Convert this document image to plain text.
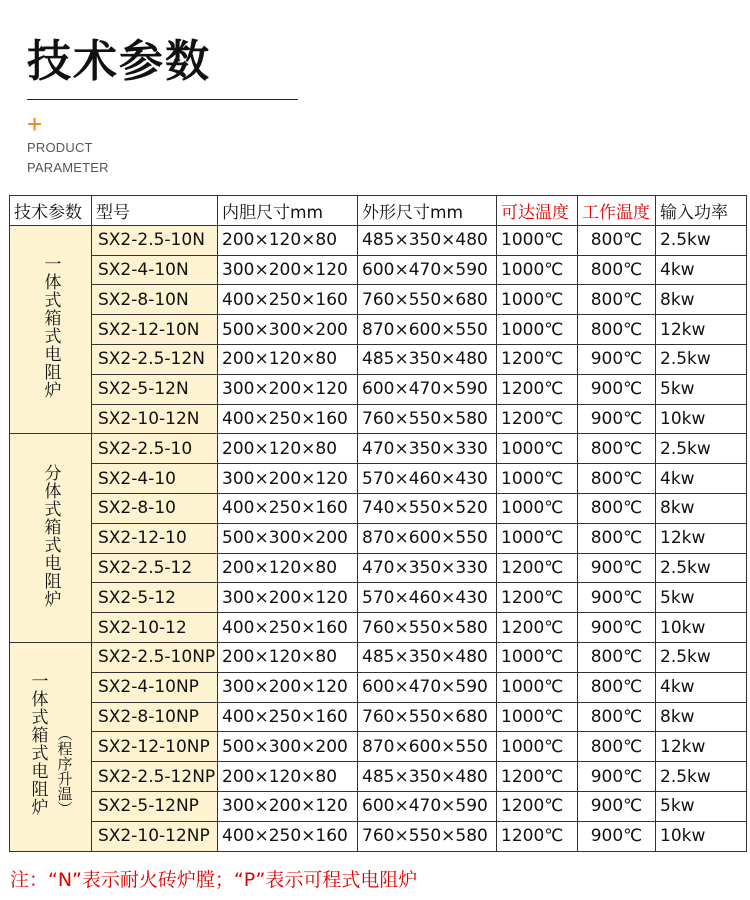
技术参数
+
PRODUCT
PARAMETER
技术参数	型号	内胆尺寸mm	外形尺寸mm	可达温度	工作温度	输入功率
一体式箱式电阻炉	SX2-2.5-10N	200×120×80	485×350×480	1000℃	800℃	2.5kw
	SX2-4-10N	300×200×120	600×470×590	1000℃	800℃	4kw
	SX2-8-10N	400×250×160	760×550×680	1000℃	800℃	8kw
	SX2-12-10N	500×300×200	870×600×550	1000℃	800℃	12kw
	SX2-2.5-12N	200×120×80	485×350×480	1200℃	900℃	2.5kw
	SX2-5-12N	300×200×120	600×470×590	1200℃	900℃	5kw
	SX2-10-12N	400×250×160	760×550×580	1200℃	900℃	10kw
分体式箱式电阻炉	SX2-2.5-10	200×120×80	470×350×330	1000℃	800℃	2.5kw
	SX2-4-10	300×200×120	570×460×430	1000℃	800℃	4kw
	SX2-8-10	400×250×160	740×550×520	1000℃	800℃	8kw
	SX2-12-10	500×300×200	870×600×550	1000℃	800℃	12kw
	SX2-2.5-12	200×120×80	470×350×330	1200℃	900℃	2.5kw
	SX2-5-12	300×200×120	570×460×430	1200℃	900℃	5kw
	SX2-10-12	400×250×160	760×550×580	1200℃	900℃	10kw
一体式箱式电阻炉 （程序升温）	SX2-2.5-10NP	200×120×80	485×350×480	1000℃	800℃	2.5kw
	SX2-4-10NP	300×200×120	600×470×590	1000℃	800℃	4kw
	SX2-8-10NP	400×250×160	760×550×680	1000℃	800℃	8kw
	SX2-12-10NP	500×300×200	870×600×550	1000℃	800℃	12kw
	SX2-2.5-12NP	200×120×80	485×350×480	1200℃	900℃	2.5kw
	SX2-5-12NP	300×200×120	600×470×590	1200℃	900℃	5kw
	SX2-10-12NP	400×250×160	760×550×580	1200℃	900℃	10kw
注：“N”表示耐火砖炉膛；“P”表示可程式电阻炉
